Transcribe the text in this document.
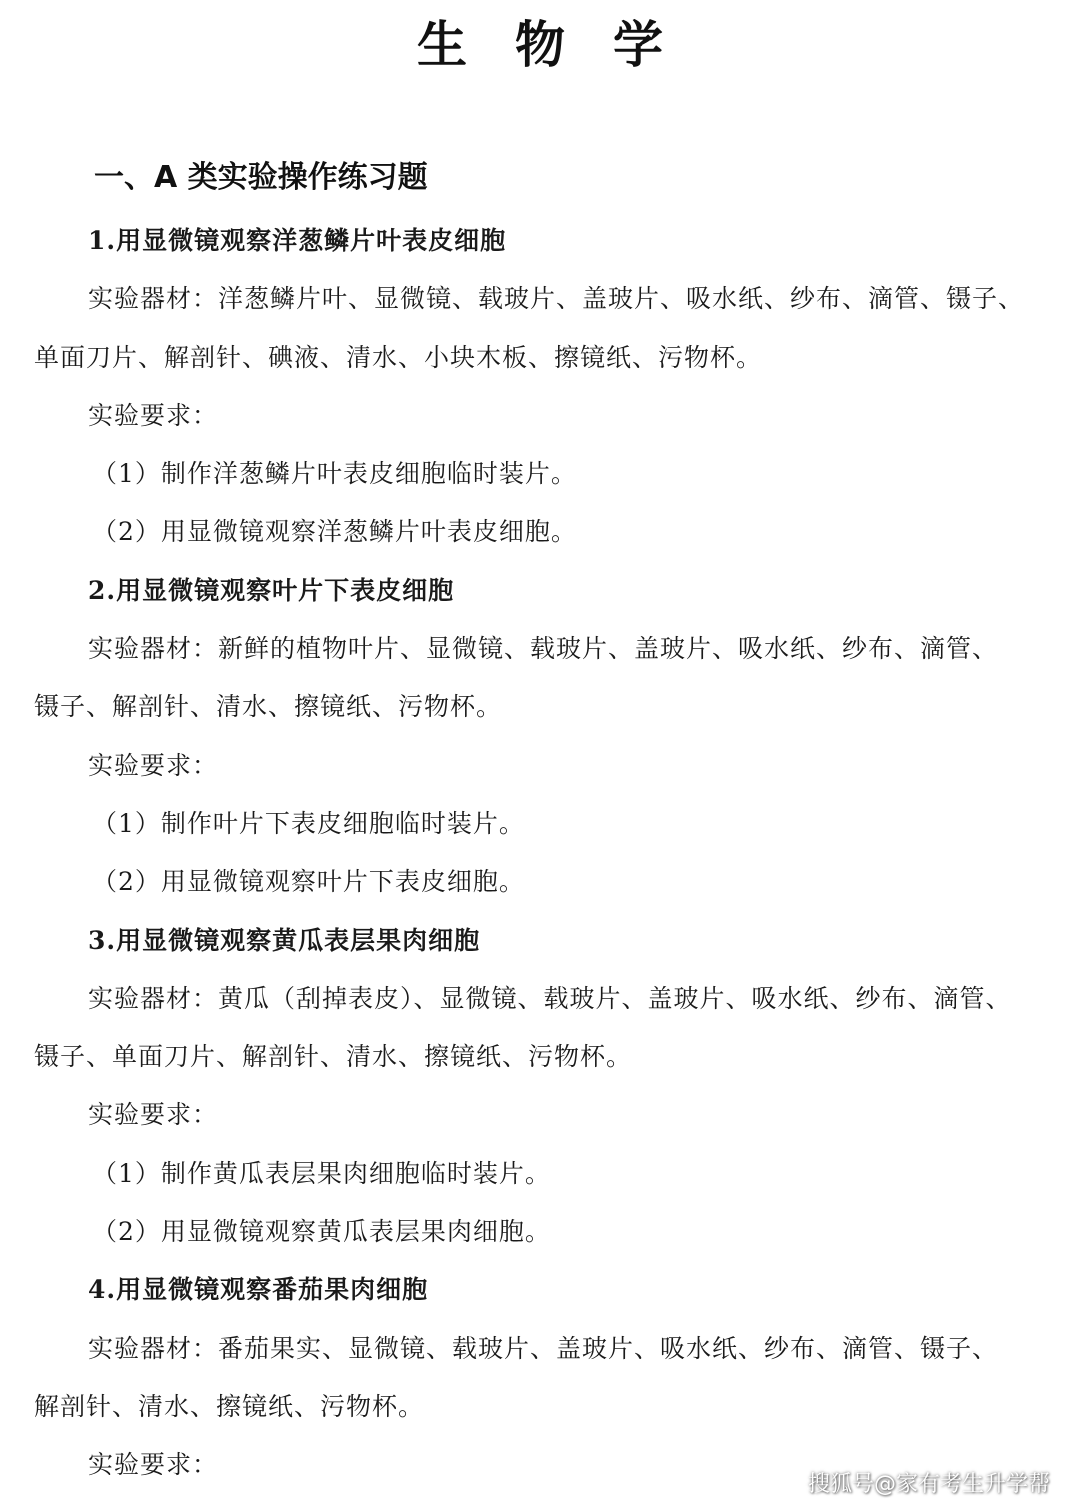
生物学
一、A 类实验操作练习题
1.用显微镜观察洋葱鳞片叶表皮细胞
实验器材：洋葱鳞片叶、显微镜、载玻片、盖玻片、吸水纸、纱布、滴管、镊子、
单面刀片、解剖针、碘液、清水、小块木板、擦镜纸、污物杯。
实验要求：
（1）制作洋葱鳞片叶表皮细胞临时装片。
（2）用显微镜观察洋葱鳞片叶表皮细胞。
2.用显微镜观察叶片下表皮细胞
实验器材：新鲜的植物叶片、显微镜、载玻片、盖玻片、吸水纸、纱布、滴管、
镊子、解剖针、清水、擦镜纸、污物杯。
实验要求：
（1）制作叶片下表皮细胞临时装片。
（2）用显微镜观察叶片下表皮细胞。
3.用显微镜观察黄瓜表层果肉细胞
实验器材：黄瓜（刮掉表皮）、显微镜、载玻片、盖玻片、吸水纸、纱布、滴管、
镊子、单面刀片、解剖针、清水、擦镜纸、污物杯。
实验要求：
（1）制作黄瓜表层果肉细胞临时装片。
（2）用显微镜观察黄瓜表层果肉细胞。
4.用显微镜观察番茄果肉细胞
实验器材：番茄果实、显微镜、载玻片、盖玻片、吸水纸、纱布、滴管、镊子、
解剖针、清水、擦镜纸、污物杯。
实验要求：
搜狐号@家有考生升学帮
